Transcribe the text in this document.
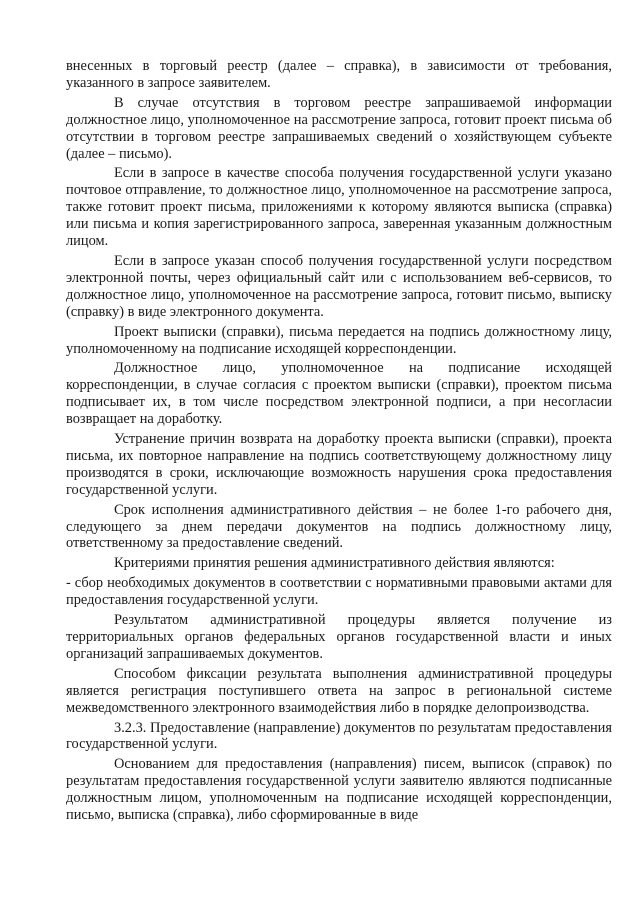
внесенных в торговый реестр (далее – справка), в зависимости от требования, указанного в запросе заявителем.

В случае отсутствия в торговом реестре запрашиваемой информации должностное лицо, уполномоченное на рассмотрение запроса, готовит проект письма об отсутствии в торговом реестре запрашиваемых сведений о хозяйствующем субъекте (далее – письмо).

Если в запросе в качестве способа получения государственной услуги указано почтовое отправление, то должностное лицо, уполномоченное на рассмотрение запроса, также готовит проект письма, приложениями к которому являются выписка (справка) или письма и копия зарегистрированного запроса, заверенная указанным должностным лицом.

Если в запросе указан способ получения государственной услуги посредством электронной почты, через официальный сайт или с использованием веб-сервисов, то должностное лицо, уполномоченное на рассмотрение запроса, готовит письмо, выписку (справку) в виде электронного документа.

Проект выписки (справки), письма передается на подпись должностному лицу, уполномоченному на подписание исходящей корреспонденции.

Должностное лицо, уполномоченное на подписание исходящей корреспонденции, в случае согласия с проектом выписки (справки), проектом письма подписывает их, в том числе посредством электронной подписи, а при несогласии возвращает на доработку.

Устранение причин возврата на доработку проекта выписки (справки), проекта письма, их повторное направление на подпись соответствующему должностному лицу производятся в сроки, исключающие возможность нарушения срока предоставления государственной услуги.

Срок исполнения административного действия – не более 1-го рабочего дня, следующего за днем передачи документов на подпись должностному лицу, ответственному за предоставление сведений.

Критериями принятия решения административного действия являются:

- сбор необходимых документов в соответствии с нормативными правовыми актами для предоставления государственной услуги.

Результатом административной процедуры является получение из территориальных органов федеральных органов государственной власти и иных организаций запрашиваемых документов.

Способом фиксации результата выполнения административной процедуры является регистрация поступившего ответа на запрос в региональной системе межведомственного электронного взаимодействия либо в порядке делопроизводства.

3.2.3. Предоставление (направление) документов по результатам предоставления государственной услуги.

Основанием для предоставления (направления) писем, выписок (справок) по результатам предоставления государственной услуги заявителю являются подписанные должностным лицом, уполномоченным на подписание исходящей корреспонденции, письмо, выписка (справка), либо сформированные в виде
